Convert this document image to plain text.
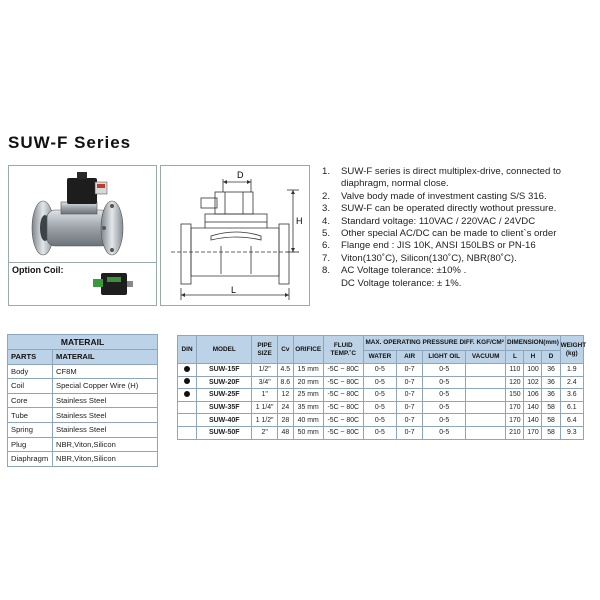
SUW-F Series
Option Coil:
D
H
L
1. SUW-F series is direct multiplex-drive, connected to diaphragm, normal close.
2. Valve body made of investment casting S/S 316.
3. SUW-F can be operated directly wothout pressure.
4. Standard voltage: 110VAC / 220VAC / 24VDC
5. Other special AC/DC can be made to client`s order
6. Flange end : JIS 10K, ANSI 150LBS or PN-16
7. Viton(130˚C), Silicon(130˚C), NBR(80˚C).
8. AC Voltage tolerance: ±10% .
DC Voltage tolerance: ± 1%.
MATERAIL	
PARTS	MATERAIL
Body	CF8M
Coil	Special Copper Wire (H)
Core	Stainless Steel
Tube	Stainless Steel
Spring	Stainless Steel
Plug	NBR,Viton,Silicon
Diaphragm	NBR,Viton,Silicon
DIN	MODEL	PIPE SIZE	Cv	ORIFICE	FLUID TEMP.˚C	MAX. OPERATING PRESSURE DIFF. KGF/CM²				DIMENSION(mm)			WEIGHT (kg)
						WATER	AIR	LIGHT OIL	VACUUM	L	H	D	
	SUW-15F	1/2"	4.5	15 mm	-5C ~ 80C	0-5	0-7	0-5		110	100	36	1.9
	SUW-20F	3/4"	8.6	20 mm	-5C ~ 80C	0-5	0-7	0-5		120	102	36	2.4
	SUW-25F	1"	12	25 mm	-5C ~ 80C	0-5	0-7	0-5		150	106	36	3.6
	SUW-35F	1 1/4"	24	35 mm	-5C ~ 80C	0-5	0-7	0-5		170	140	58	6.1
	SUW-40F	1 1/2"	28	40 mm	-5C ~ 80C	0-5	0-7	0-5		170	140	58	6.4
	SUW-50F	2"	48	50 mm	-5C ~ 80C	0-5	0-7	0-5		210	170	58	9.3
